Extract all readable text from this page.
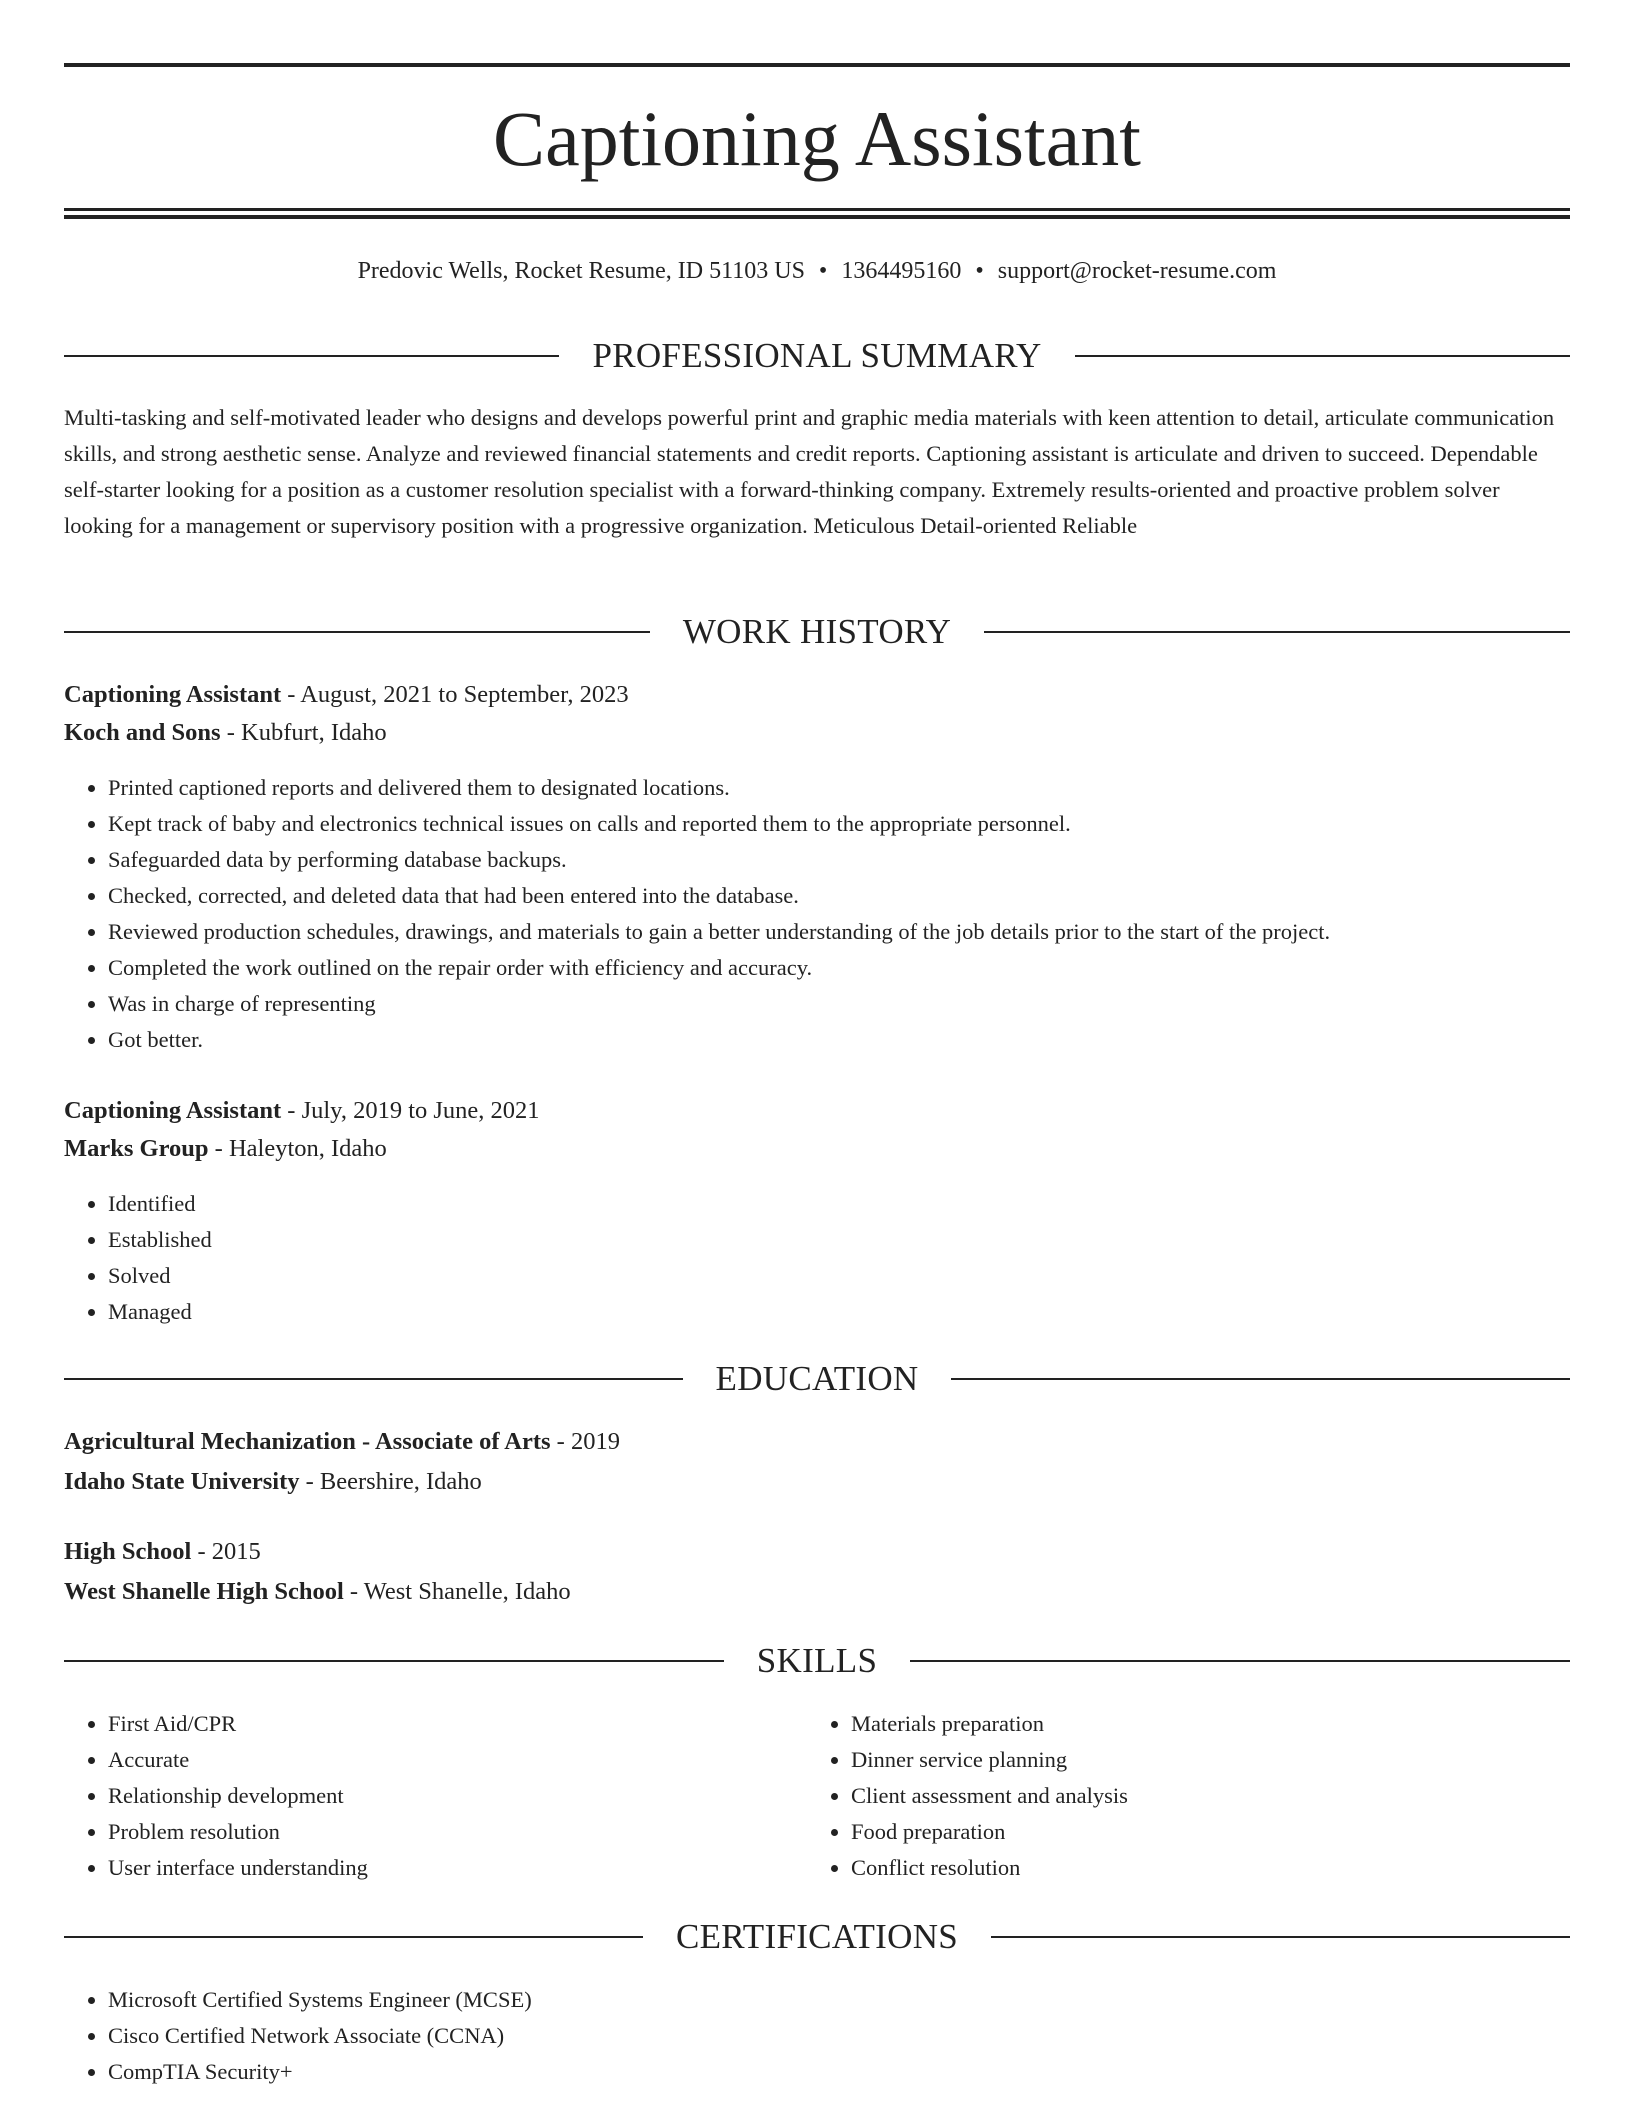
Captioning Assistant
Predovic Wells, Rocket Resume, ID 51103 US • 1364495160 • support@rocket-resume.com
PROFESSIONAL SUMMARY

Multi-tasking and self-motivated leader who designs and develops powerful print and graphic media materials with keen attention to detail, articulate communication skills, and strong aesthetic sense. Analyze and reviewed financial statements and credit reports. Captioning assistant is articulate and driven to succeed. Dependable self-starter looking for a position as a customer resolution specialist with a forward-thinking company. Extremely results-oriented and proactive problem solver looking for a management or supervisory position with a progressive organization. Meticulous Detail-oriented Reliable

WORK HISTORY
Captioning Assistant - August, 2021 to September, 2023
Koch and Sons - Kubfurt, Idaho
• Printed captioned reports and delivered them to designated locations.
• Kept track of baby and electronics technical issues on calls and reported them to the appropriate personnel.
• Safeguarded data by performing database backups.
• Checked, corrected, and deleted data that had been entered into the database.
• Reviewed production schedules, drawings, and materials to gain a better understanding of the job details prior to the start of the project.
• Completed the work outlined on the repair order with efficiency and accuracy.
• Was in charge of representing
• Got better.
Captioning Assistant - July, 2019 to June, 2021
Marks Group - Haleyton, Idaho
• Identified
• Established
• Solved
• Managed
EDUCATION
Agricultural Mechanization - Associate of Arts - 2019
Idaho State University - Beershire, Idaho
High School - 2015
West Shanelle High School - West Shanelle, Idaho
SKILLS
• First Aid/CPR
• Accurate
• Relationship development
• Problem resolution
• User interface understanding
• Materials preparation
• Dinner service planning
• Client assessment and analysis
• Food preparation
• Conflict resolution
CERTIFICATIONS
• Microsoft Certified Systems Engineer (MCSE)
• Cisco Certified Network Associate (CCNA)
• CompTIA Security+
